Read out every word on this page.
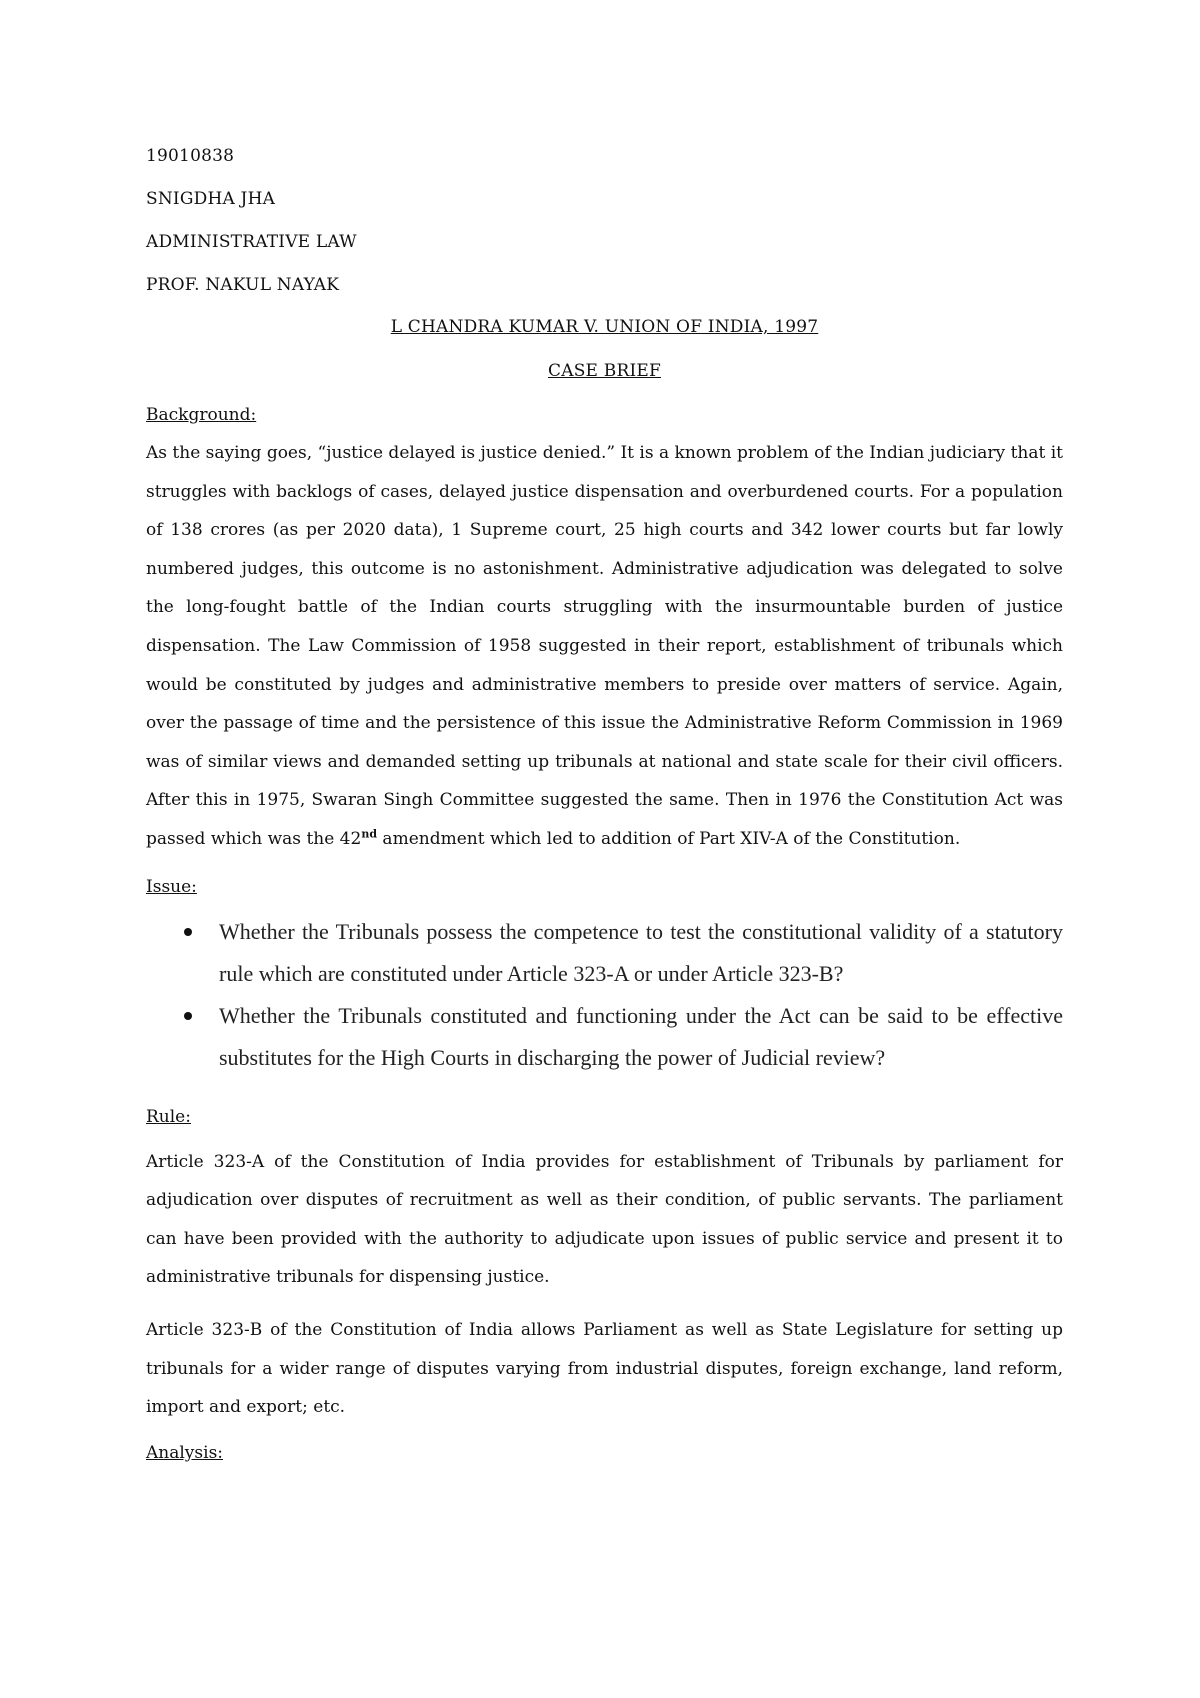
19010838
SNIGDHA JHA
ADMINISTRATIVE LAW
PROF. NAKUL NAYAK
L CHANDRA KUMAR V. UNION OF INDIA, 1997
CASE BRIEF
Background:

As the saying goes, “justice delayed is justice denied.” It is a known problem of the Indian judiciary that it struggles with backlogs of cases, delayed justice dispensation and overburdened courts. For a population of 138 crores (as per 2020 data), 1 Supreme court, 25 high courts and 342 lower courts but far lowly numbered judges, this outcome is no astonishment. Administrative adjudication was delegated to solve the long-fought battle of the Indian courts struggling with the insurmountable burden of justice dispensation. The Law Commission of 1958 suggested in their report, establishment of tribunals which would be constituted by judges and administrative members to preside over matters of service. Again, over the passage of time and the persistence of this issue the Administrative Reform Commission in 1969 was of similar views and demanded setting up tribunals at national and state scale for their civil officers. After this in 1975, Swaran Singh Committee suggested the same. Then in 1976 the Constitution Act was passed which was the 42nd amendment which led to addition of Part XIV-A of the Constitution.

Issue:
Whether the Tribunals possess the competence to test the constitutional validity of a statutory rule which are constituted under Article 323-A or under Article 323-B?
Whether the Tribunals constituted and functioning under the Act can be said to be effective substitutes for the High Courts in discharging the power of Judicial review?
Rule:

Article 323-A of the Constitution of India provides for establishment of Tribunals by parliament for adjudication over disputes of recruitment as well as their condition, of public servants. The parliament can have been provided with the authority to adjudicate upon issues of public service and present it to administrative tribunals for dispensing justice.

Article 323-B of the Constitution of India allows Parliament as well as State Legislature for setting up tribunals for a wider range of disputes varying from industrial disputes, foreign exchange, land reform, import and export; etc.

Analysis:
